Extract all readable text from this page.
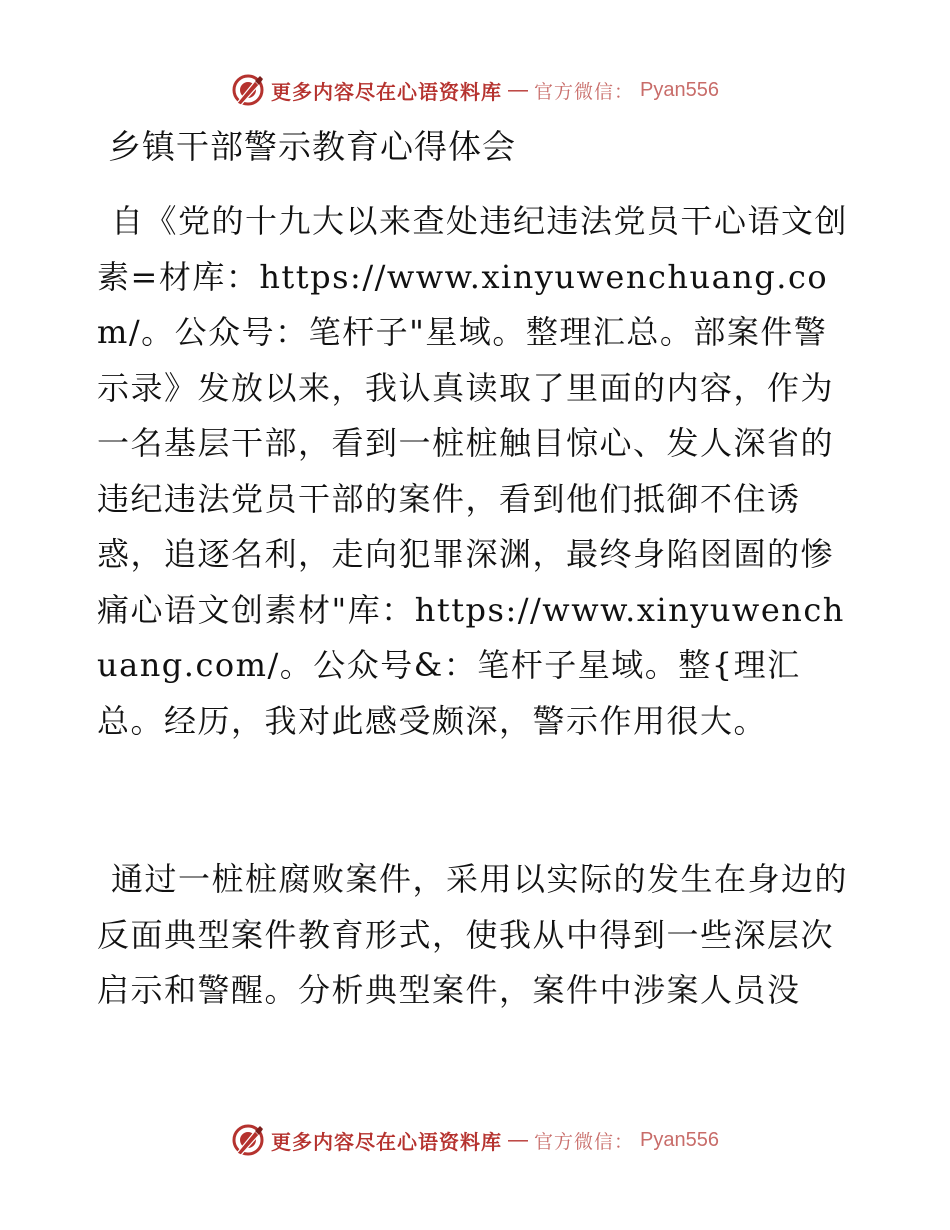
更多内容尽在心语资料库 — 官方微信： Pyan556
乡镇干部警示教育心得体会

自《党的十九大以来查处违纪违法党员干心语文创素=材库：https://www.xinyuwenchuang.com/。公众号：笔杆子"星域。整理汇总。部案件警示录》发放以来，我认真读取了里面的内容，作为一名基层干部，看到一桩桩触目惊心、发人深省的违纪违法党员干部的案件，看到他们抵御不住诱惑，追逐名利，走向犯罪深渊，最终身陷囹圄的惨痛心语文创素材"库：https://www.xinyuwenchuang.com/。公众号&：笔杆子星域。整{理汇总。经历，我对此感受颇深，警示作用很大。

通过一桩桩腐败案件，采用以实际的发生在身边的反面典型案件教育形式，使我从中得到一些深层次启示和警醒。分析典型案件，案件中涉案人员没

更多内容尽在心语资料库 — 官方微信： Pyan556
